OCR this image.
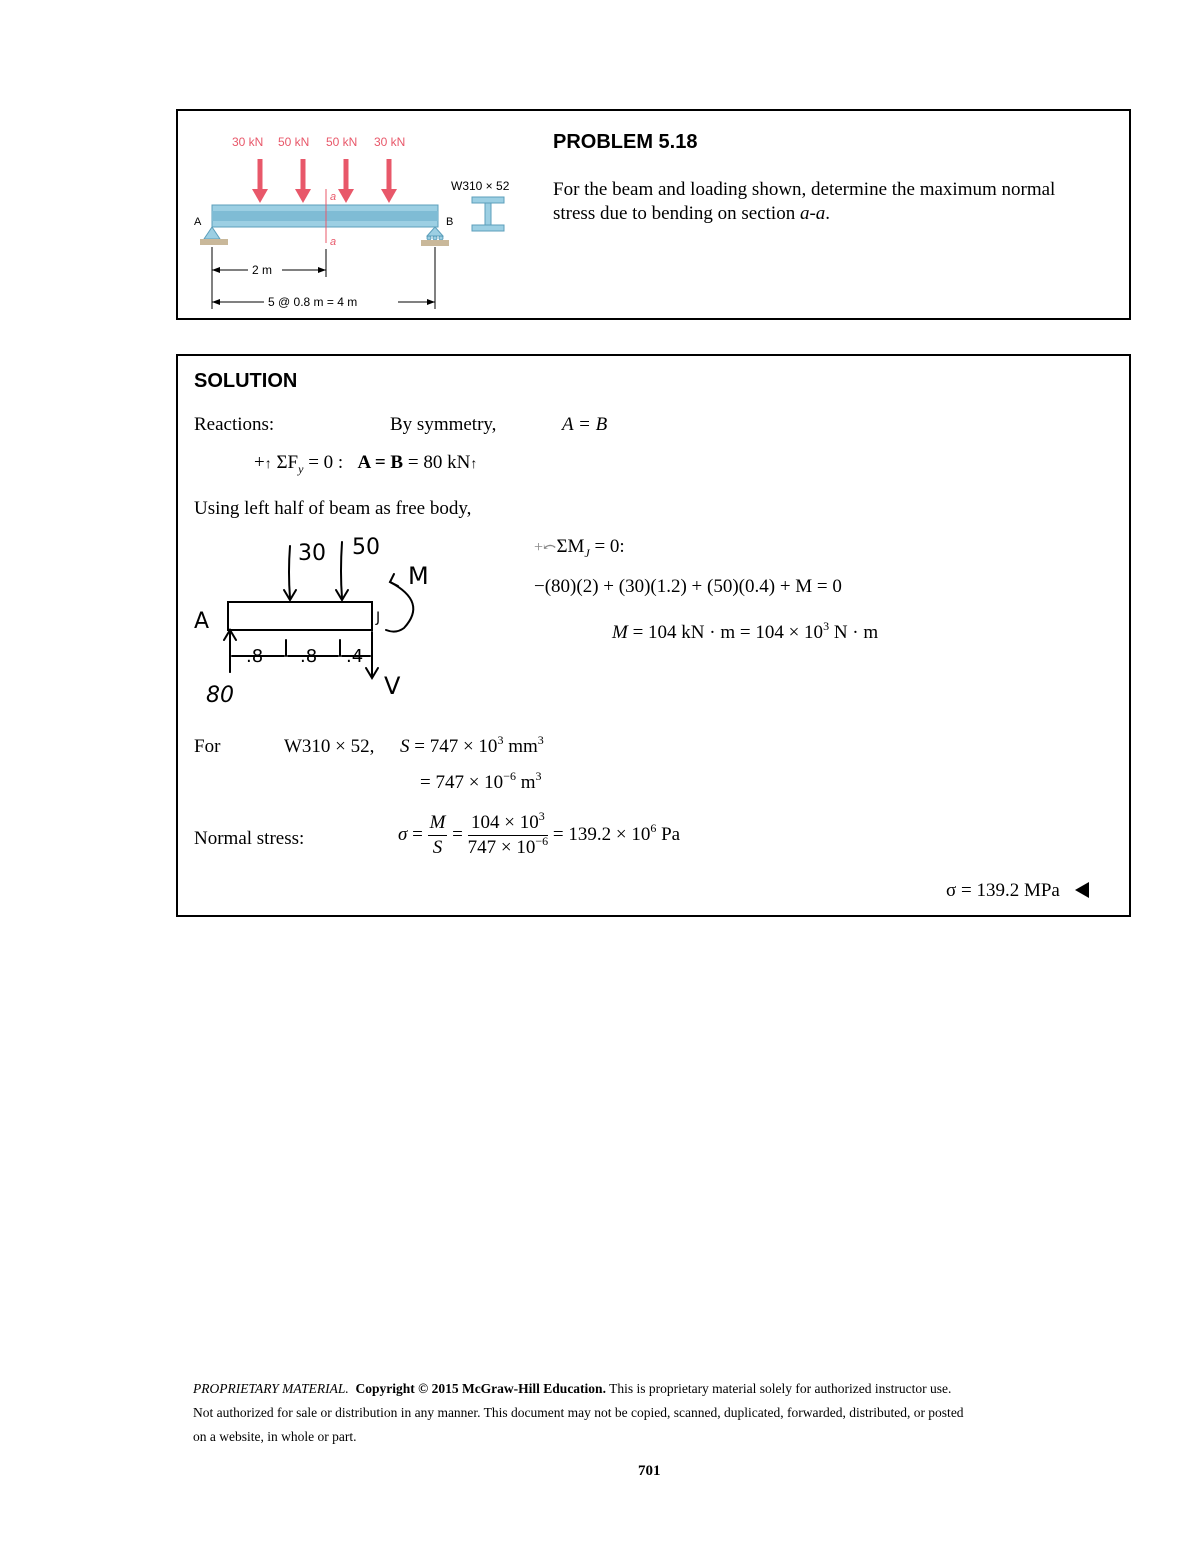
30 kN 50 kN 50 kN 30 kN
a
a
A	B
2 m
5 @ 0.8 m = 4 m
W310 × 52
PROBLEM 5.18
For the beam and loading shown, determine the maximum normal
stress due to bending on section a-a.
SOLUTION
Reactions:	By symmetry,	A = B
+↑ $\Sigma F_y = 0$ : A = B = 80 kN↑
Using left half of beam as free body,
30 50
A	J
M
V
80
.8 .8 .4
$+⤺\Sigma M_J = 0$:
−(80)(2) + (30)(1.2) + (50)(0.4) + M = 0
M = 104 kN · $m = 104 \times 10^3$ N · m
For	W310 × 52, $S = 747 \times 10^3$ $mm^3$
= $747 \times 10^{-6}$ $m^3$
Normal stress:	$\sigma = \frac{M}{S} = \frac{104 \times 10^3}{747 \times 10^{-6}} = 139.2 \times 10^6$ Pa
σ = 139.2 MPa
PROPRIETARY MATERIAL. Copyright © 2015 McGraw-Hill Education. This is proprietary material solely for authorized instructor use.
Not authorized for sale or distribution in any manner. This document may not be copied, scanned, duplicated, forwarded, distributed, or posted
on a website, in whole or part.
701
